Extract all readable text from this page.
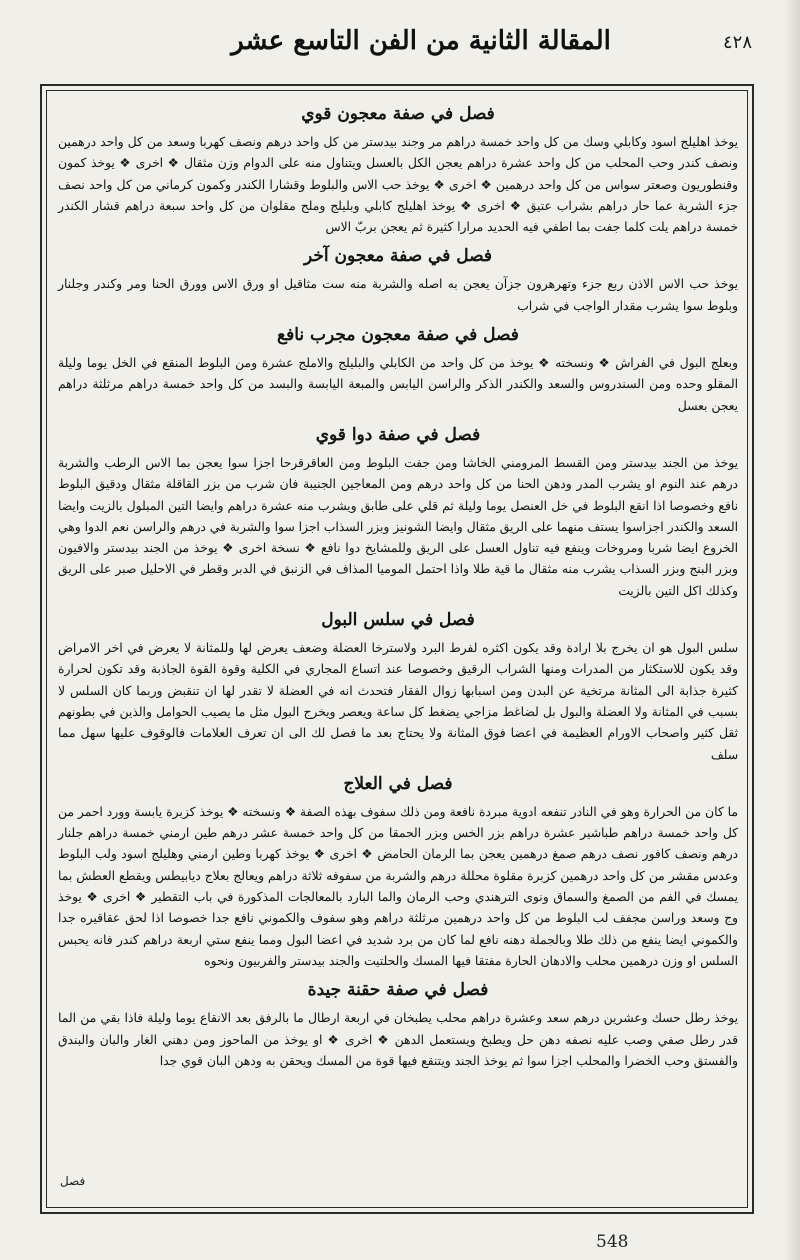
٤٢٨
المقالة الثانية من الفن التاسع عشر
فصل في صفة معجون قوي

يوخذ اهليلج اسود وكابلي وسك من كل واحد خمسة دراهم مر وجند بيدستر من كل واحد درهم ونصف كهربا وسعد من كل واحد درهمين ونصف كندر وحب المحلب من كل واحد عشرة دراهم يعجن الكل بالعسل ويتناول منه على الدوام وزن مثقال ❖ اخرى ❖ يوخذ كمون وقنطوريون وصعتر سواس من كل واحد درهمين ❖ اخرى ❖ يوخذ حب الاس والبلوط وقشارا الكندر وكمون كرماني من كل واحد نصف جزء الشربة عما حار دراهم بشراب عتيق ❖ اخرى ❖ يوخذ اهليلج كابلي وبليلج وملح مقلوان من كل واحد سبعة دراهم قشار الكندر خمسة دراهم يلت كلما جفت بما اطفي فيه الحديد مرارا كثيرة ثم يعجن بربّ الاس

فصل في صفة معجون آخر

يوخذ حب الاس الاذن ربع جزء وتهرهرون جزآن يعجن به اصله والشربة منه ست مثاقيل او ورق الاس وورق الحنا ومر وكندر وجلنار وبلوط سوا يشرب مقدار الواجب في شراب

فصل في صفة معجون مجرب نافع

وبعلج البول في الفراش ❖ ونسخته ❖ يوخذ من كل واحد من الكابلي والبليلج والاملج عشرة ومن البلوط المنقع في الخل يوما وليلة المقلو وحده ومن السندروس والسعد والكندر الذكر والراسن اليابس والمبعة اليابسة والبسد من كل واحد خمسة دراهم مرثلثة دراهم يعجن بعسل

فصل في صفة دوا قوي

يوخذ من الجند بيدستر ومن القسط المرومني الخاشا ومن جفت البلوط ومن العاقرقرحا اجزا سوا يعجن بما الاس الرطب والشربة درهم عند النوم او يشرب المدر ودهن الحنا من كل واحد درهم ومن المعاجين الجنيبة فان شرب من بزر القاقلة مثقال ودقيق البلوط نافع وخصوصا اذا انقع البلوط في خل العنصل يوما وليلة ثم قلي على طابق ويشرب منه عشرة دراهم وايضا التين المبلول بالزيت وايضا السعد والكندر اجزاسوا يستف منهما على الريق مثقال وايضا الشونيز وبزر السذاب اجزا سوا والشربة في درهم والراسن نعم الدوا وهي الخروع ايضا شربا ومروخات وينفع فيه تناول العسل على الريق وللمشايخ دوا نافع ❖ نسخة اخرى ❖ يوخذ من الجند بيدستر والافيون وبزر البنج وبزر السذاب يشرب منه مثقال ما قية طلا واذا احتمل الموميا المذاف في الزنبق في الدبر وقطر في الاحليل صبر على الريق وكذلك اكل التين بالزيت

فصل في سلس البول

سلس البول هو ان يخرج بلا ارادة وقد يكون اكثره لفرط البرد ولاسترخا العضلة وضعف يعرض لها وللمثانة لا يعرض في اخر الامراض وقد يكون للاستكثار من المدرات ومنها الشراب الرقيق وخصوصا عند اتساع المجاري في الكلية وقوة القوة الجاذبة وقد تكون لحرارة كثيرة جذابة الى المثانة مرتخية عن البدن ومن اسبابها زوال الفقار فتحدث انه في العضلة لا تقدر لها ان تنقبض وربما كان السلس لا بسبب في المثانة ولا العضلة والبول بل لضاغط مزاجي يضغط كل ساعة ويعصر ويخرج البول مثل ما يصيب الحوامل والذين في بطونهم ثقل كثير واصحاب الاورام العظيمة في اعضا فوق المثانة ولا يحتاج بعد ما فصل لك الى ان تعرف العلامات فالوقوف عليها سهل مما سلف

فصل في العلاج

ما كان من الحرارة وهو في النادر تنفعه ادوية مبردة نافعة ومن ذلك سفوف بهذه الصفة ❖ ونسخته ❖ يوخذ كزبرة يابسة وورد احمر من كل واحد خمسة دراهم طباشير عشرة دراهم بزر الخس وبزر الحمقا من كل واحد خمسة عشر درهم طين ارمني خمسة دراهم جلنار درهم ونصف كافور نصف درهم صمغ درهمين يعجن بما الرمان الحامض ❖ اخرى ❖ يوخذ كهربا وطين ارمني وهليلج اسود ولب البلوط وعدس مقشر من كل واحد درهمين كزبرة مقلوة محللة درهم والشربة من سفوفه ثلاثة دراهم ويعالج بعلاج ديابيطس ويقطع العطش بما يمسك في الفم من الصمغ والسماق ونوى الترهندي وحب الرمان والما البارد بالمعالجات المذكورة في باب التقطير ❖ اخرى ❖ يوخذ وج وسعد وراسن مجفف لب البلوط من كل واحد درهمين مرثلثة دراهم وهو سفوف والكموني نافع جدا خصوصا اذا لحق عقاقيره جدا والكموني ايضا ينفع من ذلك طلا وبالجملة دهنه نافع لما كان من برد شديد في اعضا البول ومما ينفع ستي اربعة دراهم كندر فانه يحبس السلس او وزن درهمين محلب والادهان الحارة مفتقا فيها المسك والحلتيت والجند بيدستر والفربيون ونحوه

فصل في صفة حقنة جيدة

يوخذ رطل حسك وعشرين درهم سعد وعشرة دراهم محلب يطبخان في اربعة ارطال ما بالرفق بعد الانقاع يوما وليلة فاذا بقي من الما قدر رطل صفي وصب عليه نصفه دهن حل ويطبخ ويستعمل الدهن ❖ اخرى ❖ او يوخذ من الماحوز ومن دهني الغار والبان والبندق والفستق وحب الخضرا والمحلب اجزا سوا ثم يوخذ الجند ويتنقع فيها قوة من المسك ويحقن به ودهن البان قوي جدا

فصل
548
